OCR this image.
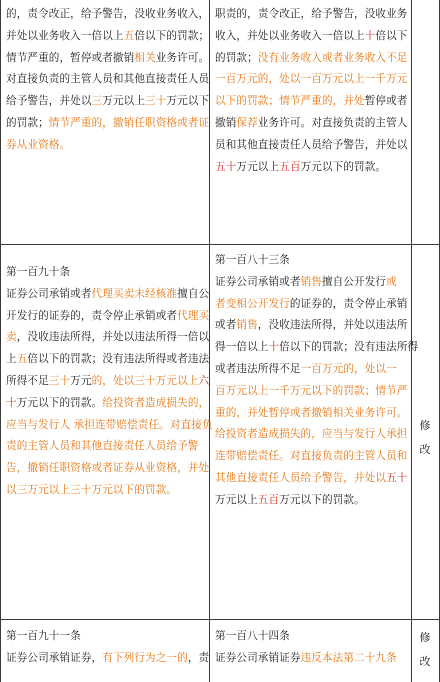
的，责令改正，给予警告，没收业务收入，
并处以业务收入一倍以上五倍以下的罚款；
情节严重的，暂停或者撤销相关业务许可。
对直接负责的主管人员和其他直接责任人员
给予警告，并处以三万元以上三十万元以下
的罚款；情节严重的，撤销任职资格或者证
券从业资格。
职责的，责令改正，给予警告，没收业务
收入，并处以业务收入一倍以上十倍以下
的罚款；没有业务收入或者业务收入不足
一百万元的，处以一百万元以上一千万元
以下的罚款；情节严重的，并处暂停或者
撤销保荐业务许可。对直接负责的主管人
员和其他直接责任人员给予警告，并处以
五十万元以上五百万元以下的罚款。
第一百九十条
证券公司承销或者代理买卖未经核准擅自公
开发行的证券的，责令停止承销或者代理买
卖，没收违法所得，并处以违法所得一倍以
上五倍以下的罚款；没有违法所得或者违法
所得不足三十万元的，处以三十万元以上六
十万元以下的罚款。给投资者造成损失的，
应当与发行人 承担连带赔偿责任。对直接负
责的主管人员和其他直接责任人员给予警
告，撤销任职资格或者证券从业资格，并处
以三万元以上三十万元以下的罚款。
第一百八十三条
证券公司承销或者销售擅自公开发行或
者变相公开发行的证券的，责令停止承销
或者销售，没收违法所得，并处以违法所
得一倍以上十倍以下的罚款；没有违法所得
或者违法所得不足一百万元的，处以一
百万元以上一千万元以下的罚款；情节严
重的，并处暂停或者撤销相关业务许可。
给投资者造成损失的，应当与发行人承担
连带赔偿责任。对直接负责的主管人员和
其他直接责任人员给予警告，并处以五十
万元以上五百万元以下的罚款。
修
改
第一百九十一条
证券公司承销证券，有下列行为之一的，责
第一百八十四条
证券公司承销证券违反本法第二十九条
修
改
